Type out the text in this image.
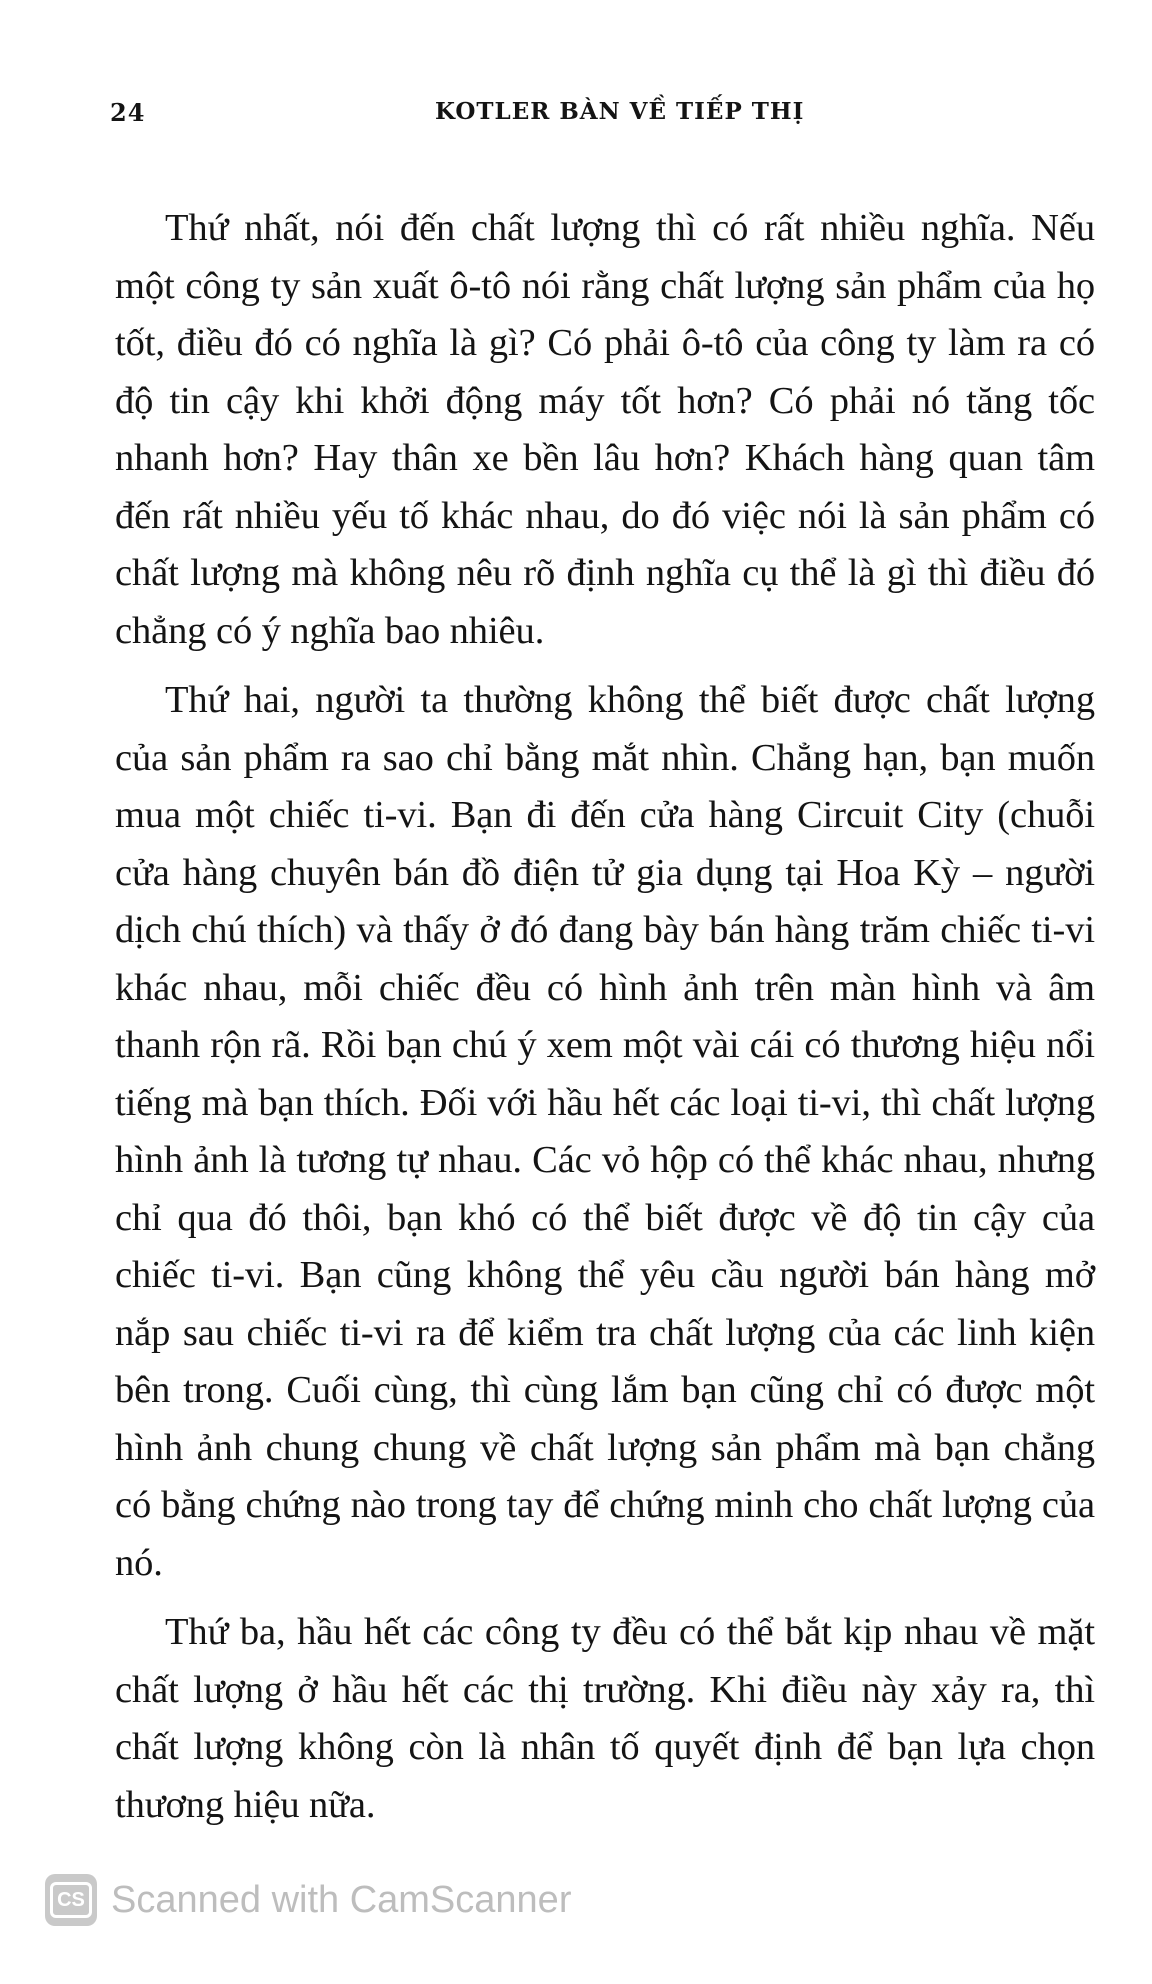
24	KOTLER BÀN VỀ TIẾP THỊ

Thứ nhất, nói đến chất lượng thì có rất nhiều nghĩa. Nếu một công ty sản xuất ô-tô nói rằng chất lượng sản phẩm của họ tốt, điều đó có nghĩa là gì? Có phải ô-tô của công ty làm ra có độ tin cậy khi khởi động máy tốt hơn? Có phải nó tăng tốc nhanh hơn? Hay thân xe bền lâu hơn? Khách hàng quan tâm đến rất nhiều yếu tố khác nhau, do đó việc nói là sản phẩm có chất lượng mà không nêu rõ định nghĩa cụ thể là gì thì điều đó chẳng có ý nghĩa bao nhiêu.

Thứ hai, người ta thường không thể biết được chất lượng của sản phẩm ra sao chỉ bằng mắt nhìn. Chẳng hạn, bạn muốn mua một chiếc ti-vi. Bạn đi đến cửa hàng Circuit City (chuỗi cửa hàng chuyên bán đồ điện tử gia dụng tại Hoa Kỳ – người dịch chú thích) và thấy ở đó đang bày bán hàng trăm chiếc ti-vi khác nhau, mỗi chiếc đều có hình ảnh trên màn hình và âm thanh rộn rã. Rồi bạn chú ý xem một vài cái có thương hiệu nổi tiếng mà bạn thích. Đối với hầu hết các loại ti-vi, thì chất lượng hình ảnh là tương tự nhau. Các vỏ hộp có thể khác nhau, nhưng chỉ qua đó thôi, bạn khó có thể biết được về độ tin cậy của chiếc ti-vi. Bạn cũng không thể yêu cầu người bán hàng mở nắp sau chiếc ti-vi ra để kiểm tra chất lượng của các linh kiện bên trong. Cuối cùng, thì cùng lắm bạn cũng chỉ có được một hình ảnh chung chung về chất lượng sản phẩm mà bạn chẳng có bằng chứng nào trong tay để chứng minh cho chất lượng của nó.

Thứ ba, hầu hết các công ty đều có thể bắt kịp nhau về mặt chất lượng ở hầu hết các thị trường. Khi điều này xảy ra, thì chất lượng không còn là nhân tố quyết định để bạn lựa chọn thương hiệu nữa.

CS Scanned with CamScanner
